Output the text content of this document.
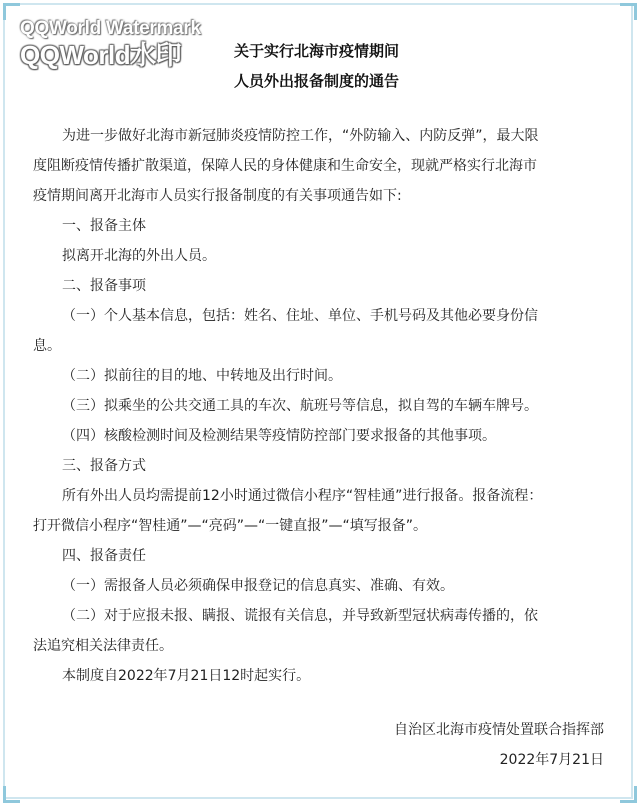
QQWorld Watermark
QQWorld水印	关于实行北海市疫情期间
人员外出报备制度的通告
为进一步做好北海市新冠肺炎疫情防控工作，“外防输入、内防反弹”，最大限
度阻断疫情传播扩散渠道，保障人民的身体健康和生命安全，现就严格实行北海市
疫情期间离开北海市人员实行报备制度的有关事项通告如下:
一、报备主体
拟离开北海的外出人员。
二、报备事项
（一）个人基本信息，包括：姓名、住址、单位、手机号码及其他必要身份信
息。
（二）拟前往的目的地、中转地及出行时间。
（三）拟乘坐的公共交通工具的车次、航班号等信息，拟自驾的车辆车牌号。
（四）核酸检测时间及检测结果等疫情防控部门要求报备的其他事项。
三、报备方式
所有外出人员均需提前12小时通过微信小程序“智桂通”进行报备。报备流程：
打开微信小程序“智桂通”—“亮码”—“一键直报”—“填写报备”。
四、报备责任
（一）需报备人员必须确保申报登记的信息真实、准确、有效。
（二）对于应报未报、瞒报、谎报有关信息，并导致新型冠状病毒传播的，依
法追究相关法律责任。
本制度自2022年7月21日12时起实行。
自治区北海市疫情处置联合指挥部
2022年7月21日
